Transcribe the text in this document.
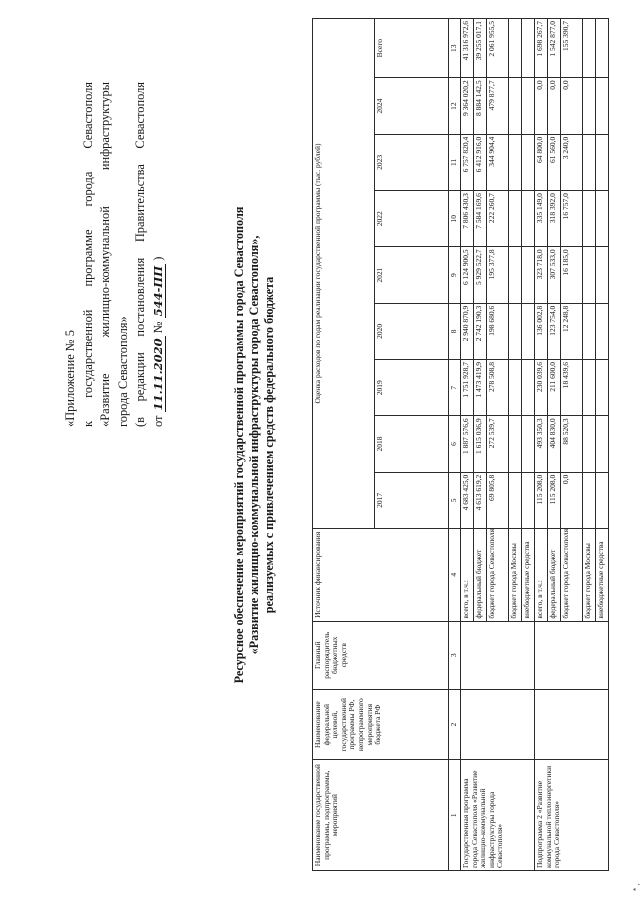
«Приложение № 5 к государственной программе города Севастополя «Развитие жилищно-коммунальной инфраструктуры города Севастополя» (в редакции постановления Правительства Севастополя от 11.11.2020 № 544-ПП )	Ресурсное обеспечение мероприятий государственной программы города Севастополя «Развитие жилищно-коммунальной инфраструктуры города Севастополя», реализуемых с привлечением средств федерального бюджета
Наименование государственной программы, подпрограммы, мероприятий	Наименование федеральной целевой, государственной программы РФ, непрограммного мероприятия бюджета РФ	Главный распорядитель бюджетных средств	Источник финансирования	Оценка расходов по годам реализации государственной программы (тыс. рублей)								
				2017	2018	2019	2020	2021	2022	2023	2024	Всего
1	2	3	4	5	6	7	8	9	10	11	12	13
Государственная программа города Севастополя «Развитие жилищно-коммунальной инфраструктуры города Севастополя»			всего, в т.ч.:	4 683 425,0	1 887 576,6	1 751 928,7	2 940 870,9	6 124 900,5	7 806 430,3	6 757 820,4	9 364 020,2	41 316 972,6
			федеральный бюджет	4 613 619,2	1 615 036,9	1 473 419,9	2 742 190,3	5 929 522,7	7 584 169,6	6 412 916,0	8 884 142,5	39 255 017,1
			бюджет города Севастополя	69 805,8	272 539,7	278 508,8	198 680,6	195 377,8	222 260,7	344 904,4	479 877,7	2 061 955,5
			бюджет города Москвы									
			внебюджетные средства									
Подпрограмма 2 «Развитие коммунальной теплоэнергетики города Севастополя»			всего, в т.ч.:	115 208,0	493 350,3	230 039,6	136 002,8	323 718,0	335 149,0	64 800,0	0,0	1 698 267,7
			федеральный бюджет	115 208,0	404 830,0	211 600,0	123 754,0	307 533,0	318 392,0	61 560,0	0,0	1 542 877,0
			бюджет города Севастополя	0,0	88 520,3	18 439,6	12 248,8	16 185,0	16 757,0	3 240,0	0,0	155 390,7
			бюджет города Москвы									
			внебюджетные средства									
* ,
